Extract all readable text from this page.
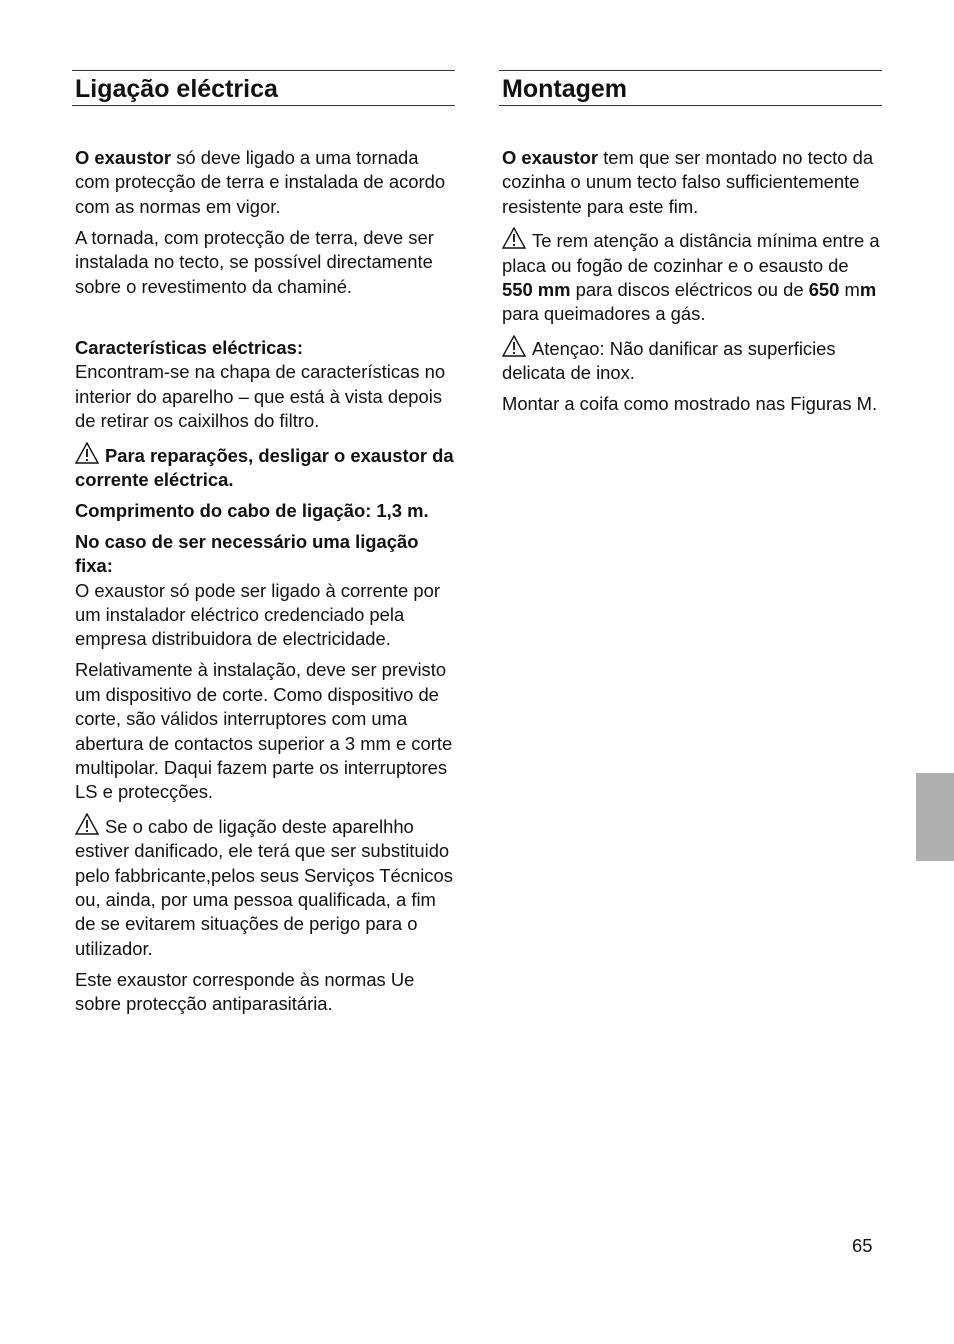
Ligação eléctrica

O exaustor só deve ligado a uma tornada com protecção de terra e instalada de acordo com as normas em vigor.

A tornada, com protecção de terra, deve ser instalada no tecto, se possível directamente sobre o revestimento da chaminé.

Características eléctricas:
Encontram-se na chapa de características no interior do aparelho – que está à vista depois de retirar os caixilhos do filtro.

Para reparações, desligar o exaustor da corrente eléctrica.

Comprimento do cabo de ligação: 1,3 m.

No caso de ser necessário uma ligação fixa:
O exaustor só pode ser ligado à corrente por um instalador eléctrico credenciado pela empresa distribuidora de electricidade.

Relativamente à instalação, deve ser previsto um dispositivo de corte. Como dispositivo de corte, são válidos interruptores com uma abertura de contactos superior a 3 mm e corte multipolar. Daqui fazem parte os interruptores LS e protecções.

Se o cabo de ligação deste aparelhho estiver danificado, ele terá que ser substituido pelo fabbricante,pelos seus Serviços Técnicos ou, ainda, por uma pessoa qualificada, a fim de se evitarem situações de perigo para o utilizador.

Este exaustor corresponde às normas Ue sobre protecção antiparasitária.

Montagem

O exaustor tem que ser montado no tecto da cozinha o unum tecto falso sufficientemente resistente para este fim.

Te rem atenção a distância mínima entre a placa ou fogão de cozinhar e o esausto de 550 mm para discos eléctricos ou de 650 mm para queimadores a gás.

Atençao: Não danificar as superficies delicata de inox.

Montar a coifa como mostrado nas Figuras M.

65
